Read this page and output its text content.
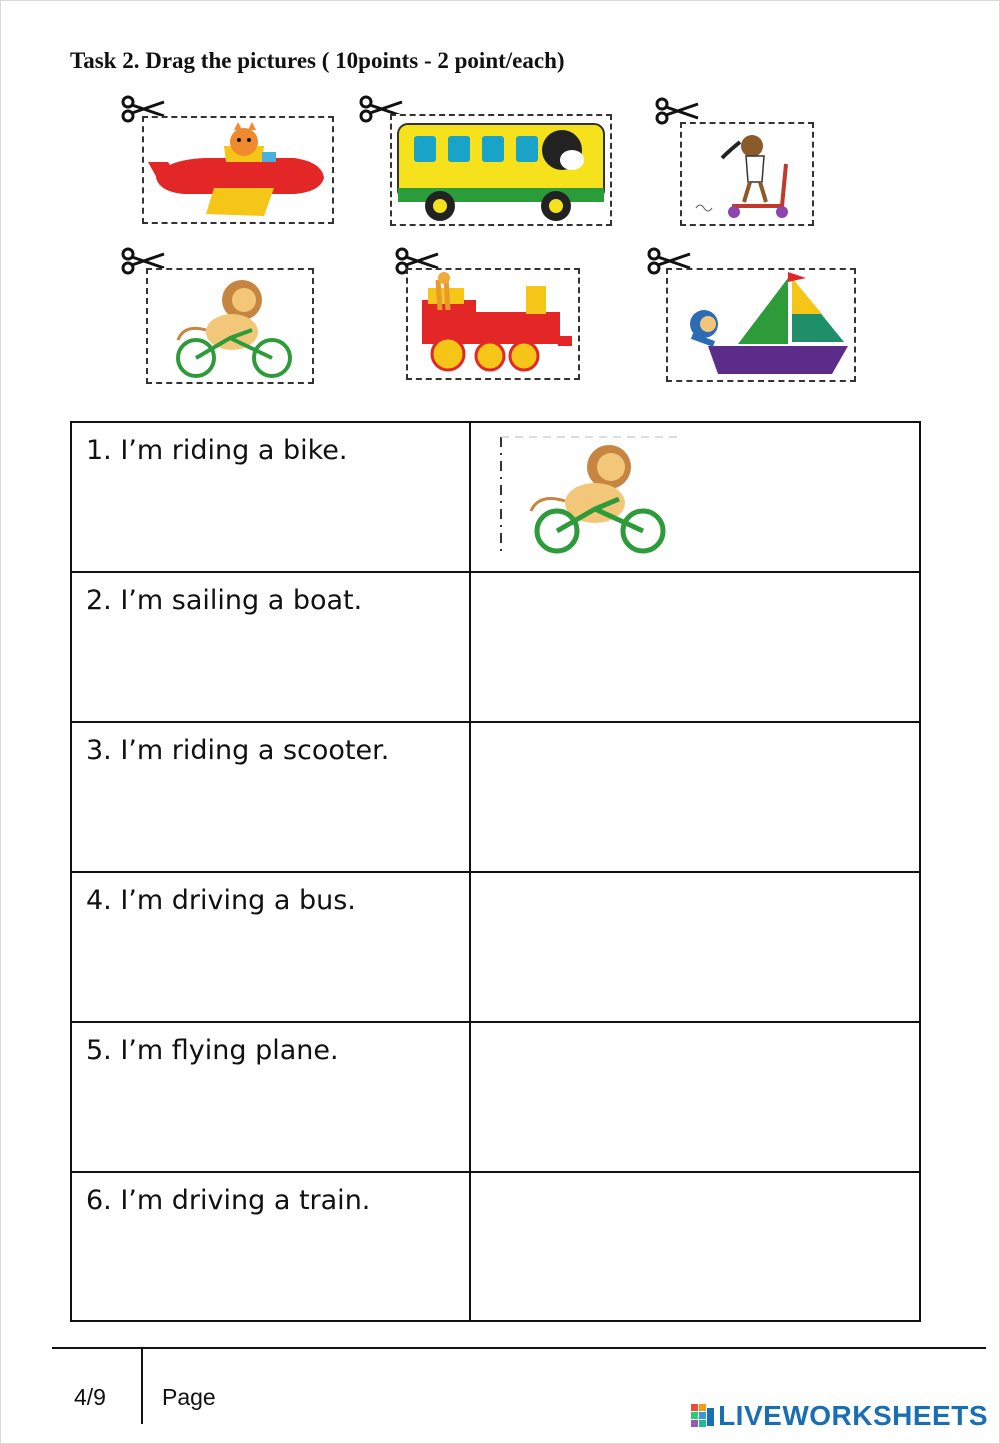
Task 2. Drag the pictures ( 10points - 2 point/each)
1. I’m riding a bike.

2. I’m sailing a boat.	

3. I’m riding a scooter.	

4. I’m driving a bus.	

5. I’m flying plane.	

6. I’m driving a train.	

4/9 Page
LIVEWORKSHEETS
